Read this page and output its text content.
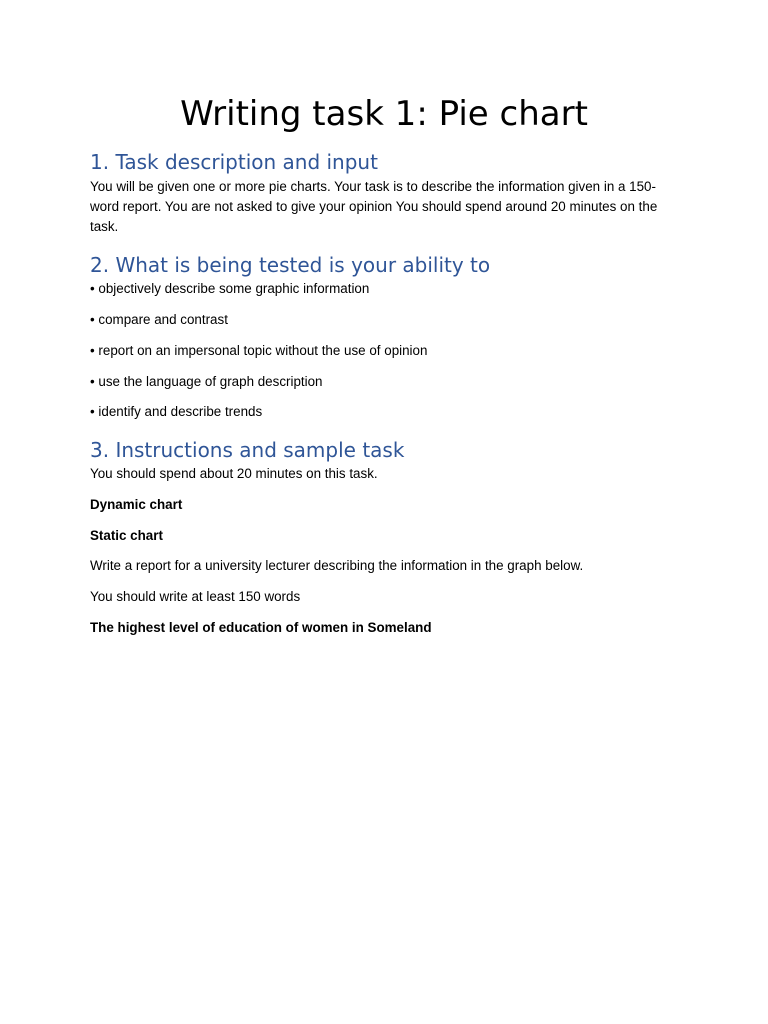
Writing task 1: Pie chart
1. Task description and input

You will be given one or more pie charts. Your task is to describe the information given in a 150-word report. You are not asked to give your opinion You should spend around 20 minutes on the task.

2. What is being tested is your ability to

• objectively describe some graphic information

• compare and contrast

• report on an impersonal topic without the use of opinion

• use the language of graph description

• identify and describe trends

3. Instructions and sample task

You should spend about 20 minutes on this task.

Dynamic chart

Static chart

Write a report for a university lecturer describing the information in the graph below.

You should write at least 150 words

The highest level of education of women in Someland
